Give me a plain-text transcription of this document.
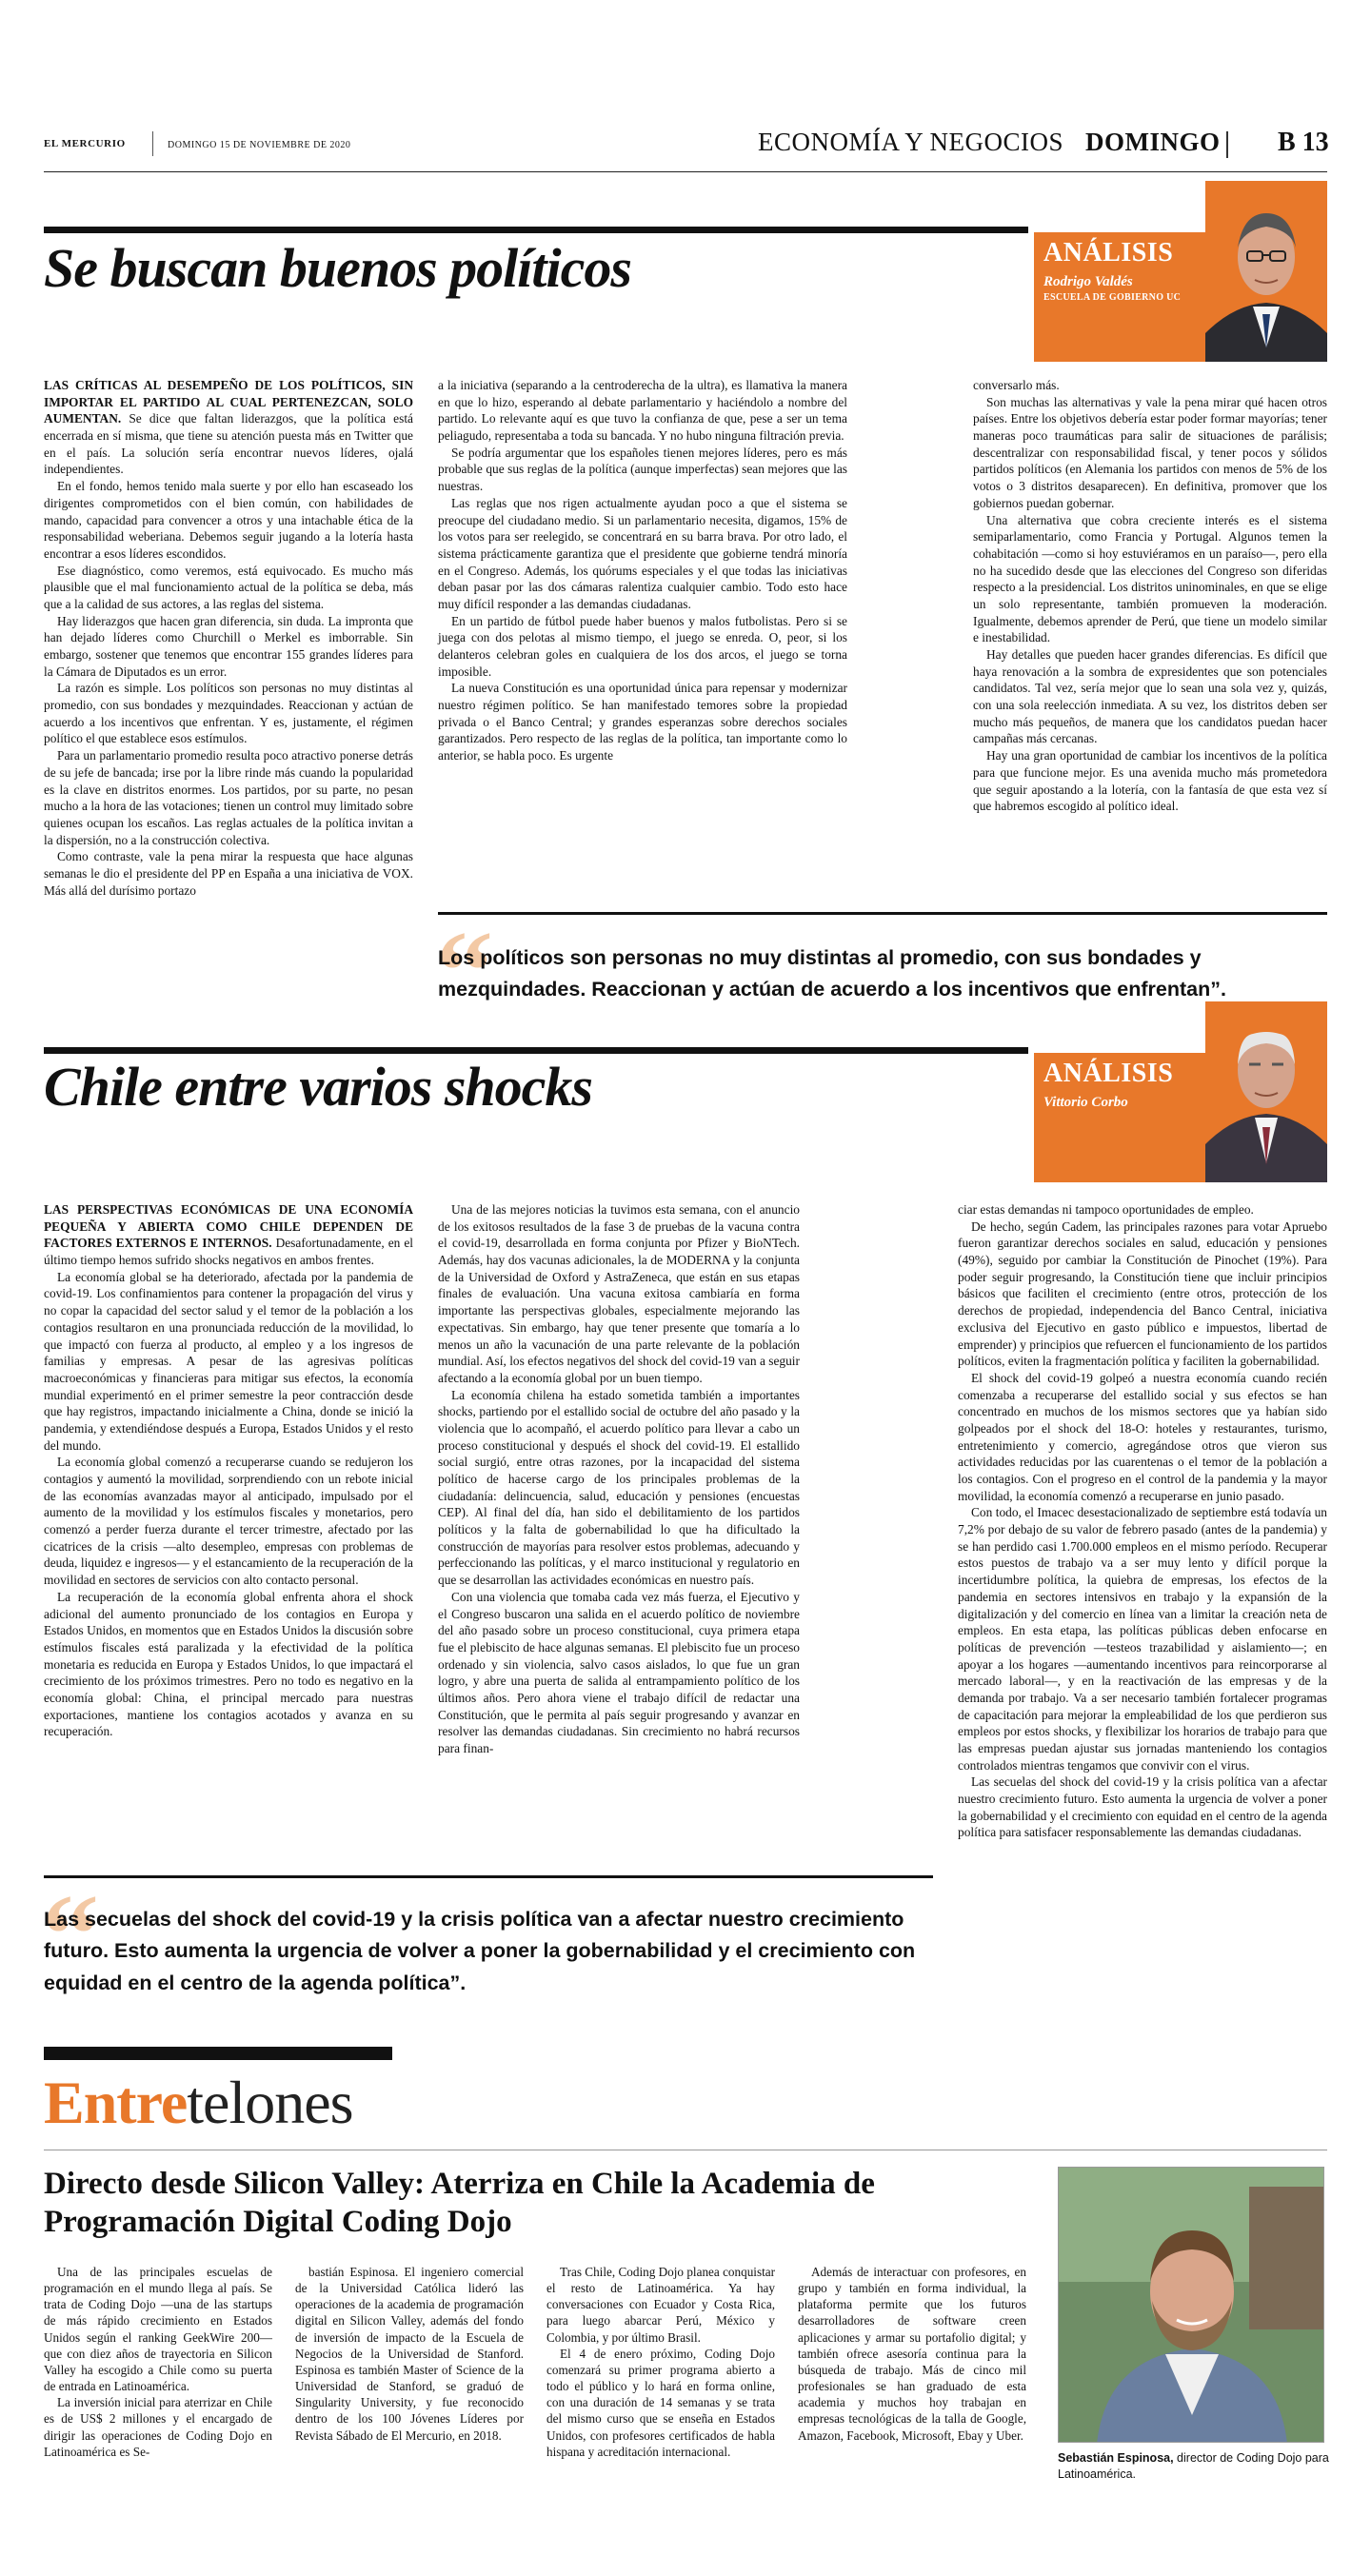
EL MERCURIO	DOMINGO 15 DE NOVIEMBRE DE 2020	ECONOMÍA Y NEGOCIOS DOMINGO B 13
Se buscan buenos políticos	ANÁLISIS
Rodrigo Valdés
ESCUELA DE GOBIERNO UC

LAS CRÍTICAS AL DESEMPEÑO DE LOS POLÍTICOS, SIN IMPORTAR EL PARTIDO AL CUAL PERTENEZCAN, SOLO AUMENTAN. Se dice que faltan liderazgos, que la política está encerrada en sí misma, que tiene su atención puesta más en Twitter que en el país. La solución sería encontrar nuevos líderes, ojalá independientes.

En el fondo, hemos tenido mala suerte y por ello han escaseado los dirigentes comprometidos con el bien común, con habilidades de mando, capacidad para convencer a otros y una intachable ética de la responsabilidad weberiana. Debemos seguir jugando a la lotería hasta encontrar a esos líderes escondidos.

Ese diagnóstico, como veremos, está equivocado. Es mucho más plausible que el mal funcionamiento actual de la política se deba, más que a la calidad de sus actores, a las reglas del sistema.

Hay liderazgos que hacen gran diferencia, sin duda. La impronta que han dejado líderes como Churchill o Merkel es imborrable. Sin embargo, sostener que tenemos que encontrar 155 grandes líderes para la Cámara de Diputados es un error.

La razón es simple. Los políticos son personas no muy distintas al promedio, con sus bondades y mezquindades. Reaccionan y actúan de acuerdo a los incentivos que enfrentan. Y es, justamente, el régimen político el que establece esos estímulos.

Para un parlamentario promedio resulta poco atractivo ponerse detrás de su jefe de bancada; irse por la libre rinde más cuando la popularidad es la clave en distritos enormes. Los partidos, por su parte, no pesan mucho a la hora de las votaciones; tienen un control muy limitado sobre quienes ocupan los escaños. Las reglas actuales de la política invitan a la dispersión, no a la construcción colectiva.

Como contraste, vale la pena mirar la respuesta que hace algunas semanas le dio el presidente del PP en España a una iniciativa de VOX. Más allá del durísimo portazo

a la iniciativa (separando a la centroderecha de la ultra), es llamativa la manera en que lo hizo, esperando al debate parlamentario y haciéndolo a nombre del partido. Lo relevante aquí es que tuvo la confianza de que, pese a ser un tema peliagudo, representaba a toda su bancada. Y no hubo ninguna filtración previa.

Se podría argumentar que los españoles tienen mejores líderes, pero es más probable que sus reglas de la política (aunque imperfectas) sean mejores que las nuestras.

Las reglas que nos rigen actualmente ayudan poco a que el sistema se preocupe del ciudadano medio. Si un parlamentario necesita, digamos, 15% de los votos para ser reelegido, se concentrará en su barra brava. Por otro lado, el sistema prácticamente garantiza que el presidente que gobierne tendrá minoría en el Congreso. Además, los quórums especiales y el que todas las iniciativas deban pasar por las dos cámaras ralentiza cualquier cambio. Todo esto hace muy difícil responder a las demandas ciudadanas.

En un partido de fútbol puede haber buenos y malos futbolistas. Pero si se juega con dos pelotas al mismo tiempo, el juego se enreda. O, peor, si los delanteros celebran goles en cualquiera de los dos arcos, el juego se torna imposible.

La nueva Constitución es una oportunidad única para repensar y modernizar nuestro régimen político. Se han manifestado temores sobre la propiedad privada o el Banco Central; y grandes esperanzas sobre derechos sociales garantizados. Pero respecto de las reglas de la política, tan importante como lo anterior, se habla poco. Es urgente

conversarlo más.

Son muchas las alternativas y vale la pena mirar qué hacen otros países. Entre los objetivos debería estar poder formar mayorías; tener maneras poco traumáticas para salir de situaciones de parálisis; descentralizar con responsabilidad fiscal, y tener pocos y sólidos partidos políticos (en Alemania los partidos con menos de 5% de los votos o 3 distritos desaparecen). En definitiva, promover que los gobiernos puedan gobernar.

Una alternativa que cobra creciente interés es el sistema semiparlamentario, como Francia y Portugal. Algunos temen la cohabitación —como si hoy estuviéramos en un paraíso—, pero ella no ha sucedido desde que las elecciones del Congreso son diferidas respecto a la presidencial. Los distritos uninominales, en que se elige un solo representante, también promueven la moderación. Igualmente, debemos aprender de Perú, que tiene un modelo similar e inestabilidad.

Hay detalles que pueden hacer grandes diferencias. Es difícil que haya renovación a la sombra de expresidentes que son potenciales candidatos. Tal vez, sería mejor que lo sean una sola vez y, quizás, con una sola reelección inmediata. A su vez, los distritos deben ser mucho más pequeños, de manera que los candidatos puedan hacer campañas más cercanas.

Hay una gran oportunidad de cambiar los incentivos de la política para que funcione mejor. Es una avenida mucho más prometedora que seguir apostando a la lotería, con la fantasía de que esta vez sí que habremos escogido al político ideal.

“
Los políticos son personas no muy distintas al promedio, con sus bondades y mezquindades. Reaccionan y actúan de acuerdo a los incentivos que enfrentan”.
Chile entre varios shocks	ANÁLISIS
Vittorio Corbo

LAS PERSPECTIVAS ECONÓMICAS DE UNA ECONOMÍA PEQUEÑA Y ABIERTA COMO CHILE DEPENDEN DE FACTORES EXTERNOS E INTERNOS. Desafortunadamente, en el último tiempo hemos sufrido shocks negativos en ambos frentes.

La economía global se ha deteriorado, afectada por la pandemia de covid-19. Los confinamientos para contener la propagación del virus y no copar la capacidad del sector salud y el temor de la población a los contagios resultaron en una pronunciada reducción de la movilidad, lo que impactó con fuerza al producto, al empleo y a los ingresos de familias y empresas. A pesar de las agresivas políticas macroeconómicas y financieras para mitigar sus efectos, la economía mundial experimentó en el primer semestre la peor contracción desde que hay registros, impactando inicialmente a China, donde se inició la pandemia, y extendiéndose después a Europa, Estados Unidos y el resto del mundo.

La economía global comenzó a recuperarse cuando se redujeron los contagios y aumentó la movilidad, sorprendiendo con un rebote inicial de las economías avanzadas mayor al anticipado, impulsado por el aumento de la movilidad y los estímulos fiscales y monetarios, pero comenzó a perder fuerza durante el tercer trimestre, afectado por las cicatrices de la crisis —alto desempleo, empresas con problemas de deuda, liquidez e ingresos— y el estancamiento de la recuperación de la movilidad en sectores de servicios con alto contacto personal.

La recuperación de la economía global enfrenta ahora el shock adicional del aumento pronunciado de los contagios en Europa y Estados Unidos, en momentos que en Estados Unidos la discusión sobre estímulos fiscales está paralizada y la efectividad de la política monetaria es reducida en Europa y Estados Unidos, lo que impactará el crecimiento de los próximos trimestres. Pero no todo es negativo en la economía global: China, el principal mercado para nuestras exportaciones, mantiene los contagios acotados y avanza en su recuperación.

Una de las mejores noticias la tuvimos esta semana, con el anuncio de los exitosos resultados de la fase 3 de pruebas de la vacuna contra el covid-19, desarrollada en forma conjunta por Pfizer y BioNTech. Además, hay dos vacunas adicionales, la de MODERNA y la conjunta de la Universidad de Oxford y AstraZeneca, que están en sus etapas finales de evaluación. Una vacuna exitosa cambiaría en forma importante las perspectivas globales, especialmente mejorando las expectativas. Sin embargo, hay que tener presente que tomaría a lo menos un año la vacunación de una parte relevante de la población mundial. Así, los efectos negativos del shock del covid-19 van a seguir afectando a la economía global por un buen tiempo.

La economía chilena ha estado sometida también a importantes shocks, partiendo por el estallido social de octubre del año pasado y la violencia que lo acompañó, el acuerdo político para llevar a cabo un proceso constitucional y después el shock del covid-19. El estallido social surgió, entre otras razones, por la incapacidad del sistema político de hacerse cargo de los principales problemas de la ciudadanía: delincuencia, salud, educación y pensiones (encuestas CEP). Al final del día, han sido el debilitamiento de los partidos políticos y la falta de gobernabilidad lo que ha dificultado la construcción de mayorías para resolver estos problemas, adecuando y perfeccionando las políticas, y el marco institucional y regulatorio en que se desarrollan las actividades económicas en nuestro país.

Con una violencia que tomaba cada vez más fuerza, el Ejecutivo y el Congreso buscaron una salida en el acuerdo político de noviembre del año pasado sobre un proceso constitucional, cuya primera etapa fue el plebiscito de hace algunas semanas. El plebiscito fue un proceso ordenado y sin violencia, salvo casos aislados, lo que fue un gran logro, y abre una puerta de salida al entrampamiento político de los últimos años. Pero ahora viene el trabajo difícil de redactar una Constitución, que le permita al país seguir progresando y avanzar en resolver las demandas ciudadanas. Sin crecimiento no habrá recursos para finan-

ciar estas demandas ni tampoco oportunidades de empleo.

De hecho, según Cadem, las principales razones para votar Apruebo fueron garantizar derechos sociales en salud, educación y pensiones (49%), seguido por cambiar la Constitución de Pinochet (19%). Para poder seguir progresando, la Constitución tiene que incluir principios básicos que faciliten el crecimiento (entre otros, protección de los derechos de propiedad, independencia del Banco Central, iniciativa exclusiva del Ejecutivo en gasto público e impuestos, libertad de emprender) y principios que refuercen el funcionamiento de los partidos políticos, eviten la fragmentación política y faciliten la gobernabilidad.

El shock del covid-19 golpeó a nuestra economía cuando recién comenzaba a recuperarse del estallido social y sus efectos se han concentrado en muchos de los mismos sectores que ya habían sido golpeados por el shock del 18-O: hoteles y restaurantes, turismo, entretenimiento y comercio, agregándose otros que vieron sus actividades reducidas por las cuarentenas o el temor de la población a los contagios. Con el progreso en el control de la pandemia y la mayor movilidad, la economía comenzó a recuperarse en junio pasado.

Con todo, el Imacec desestacionalizado de septiembre está todavía un 7,2% por debajo de su valor de febrero pasado (antes de la pandemia) y se han perdido casi 1.700.000 empleos en el mismo período. Recuperar estos puestos de trabajo va a ser muy lento y difícil porque la incertidumbre política, la quiebra de empresas, los efectos de la pandemia en sectores intensivos en trabajo y la expansión de la digitalización y del comercio en línea van a limitar la creación neta de empleos. En esta etapa, las políticas públicas deben enfocarse en políticas de prevención —testeos trazabilidad y aislamiento—; en apoyar a los hogares —aumentando incentivos para reincorporarse al mercado laboral—, y en la reactivación de las empresas y de la demanda por trabajo. Va a ser necesario también fortalecer programas de capacitación para mejorar la empleabilidad de los que perdieron sus empleos por estos shocks, y flexibilizar los horarios de trabajo para que las empresas puedan ajustar sus jornadas manteniendo los contagios controlados mientras tengamos que convivir con el virus.

Las secuelas del shock del covid-19 y la crisis política van a afectar nuestro crecimiento futuro. Esto aumenta la urgencia de volver a poner la gobernabilidad y el crecimiento con equidad en el centro de la agenda política para satisfacer responsablemente las demandas ciudadanas.

“
Las secuelas del shock del covid-19 y la crisis política van a afectar nuestro crecimiento futuro. Esto aumenta la urgencia de volver a poner la gobernabilidad y el crecimiento con equidad en el centro de la agenda política”.
Entretelones
Directo desde Silicon Valley: Aterriza en Chile la Academia de Programación Digital Coding Dojo

Una de las principales escuelas de programación en el mundo llega al país. Se trata de Coding Dojo —una de las startups de más rápido crecimiento en Estados Unidos según el ranking GeekWire 200— que con diez años de trayectoria en Silicon Valley ha escogido a Chile como su puerta de entrada en Latinoamérica.

La inversión inicial para aterrizar en Chile es de US$ 2 millones y el encargado de dirigir las operaciones de Coding Dojo en Latinoamérica es Se-

bastián Espinosa. El ingeniero comercial de la Universidad Católica lideró las operaciones de la academia de programación digital en Silicon Valley, además del fondo de inversión de impacto de la Escuela de Negocios de la Universidad de Stanford. Espinosa es también Master of Science de la Universidad de Stanford, se graduó de Singularity University, y fue reconocido dentro de los 100 Jóvenes Líderes por Revista Sábado de El Mercurio, en 2018.

Tras Chile, Coding Dojo planea conquistar el resto de Latinoamérica. Ya hay conversaciones con Ecuador y Costa Rica, para luego abarcar Perú, México y Colombia, y por último Brasil.

El 4 de enero próximo, Coding Dojo comenzará su primer programa abierto a todo el público y lo hará en forma online, con una duración de 14 semanas y se trata del mismo curso que se enseña en Estados Unidos, con profesores certificados de habla hispana y acreditación internacional.

Además de interactuar con profesores, en grupo y también en forma individual, la plataforma permite que los futuros desarrolladores de software creen aplicaciones y armar su portafolio digital; y también ofrece asesoría continua para la búsqueda de trabajo. Más de cinco mil profesionales se han graduado de esta academia y muchos hoy trabajan en empresas tecnológicas de la talla de Google, Amazon, Facebook, Microsoft, Ebay y Uber.

Sebastián Espinosa, director de Coding Dojo para Latinoamérica.
